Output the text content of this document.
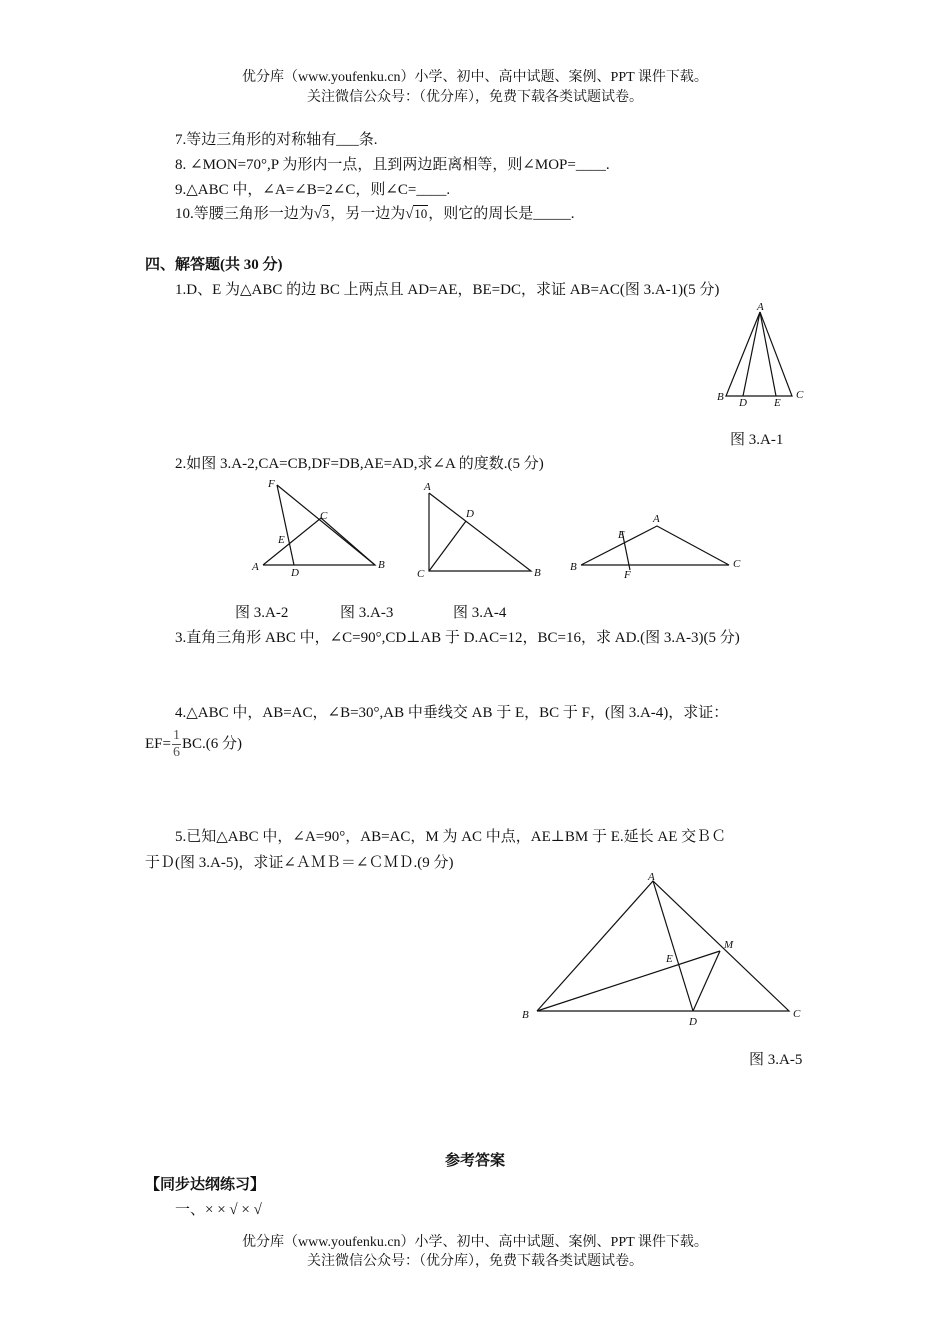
优分库（www.youfenku.cn）小学、初中、高中试题、案例、PPT 课件下载。
关注微信公众号：（优分库），免费下载各类试题试卷。
7.等边三角形的对称轴有___条.
8. ∠MON=70°,P 为形内一点，且到两边距离相等，则∠MOP=____.
9.△ABC 中，∠A=∠B=2∠C，则∠C=____.
10.等腰三角形一边为 √ 3，另一边为 √ 10，则它的周长是_____.
四、解答题(共 30 分)
1.D、E 为△ABC 的边 BC 上两点且 AD=AE，BE=DC，求证 AB=AC(图 3.A-1)(5 分)
A
B	C
D E
图 3.A-1
2.如图 3.A-2,CA=CB,DF=DB,AE=AD,求∠A 的度数.(5 分)
F
C
E
A	D
B
图 3.A-2
A
D
C	B
图 3.A-3
A
E
B
F
C
图 3.A-4
3.直角三角形 ABC 中，∠C=90°,CD⊥AB 于 D.AC=12，BC=16，求 AD.(图 3.A-3)(5 分)
4.△ABC 中，AB=AC，∠B=30°,AB 中垂线交 AB 于 E，BC 于 F，(图 3.A-4)，求证：
$EF= \frac{1}{6} BC.(6$ 分)
5.已知△ABC 中，∠A=90°，AB=AC，M 为 AC 中点，AE⊥BM 于 E.延长 AE 交ＢＣ
于Ｄ(图 3.A-5)，求证∠ＡＭＢ＝∠ＣＭＤ.(9 分)
A
M
E
B
D
C
图 3.A-5
参考答案
【同步达纲练习】
一、× × √ × √
优分库（www.youfenku.cn）小学、初中、高中试题、案例、PPT 课件下载。
关注微信公众号：（优分库），免费下载各类试题试卷。
